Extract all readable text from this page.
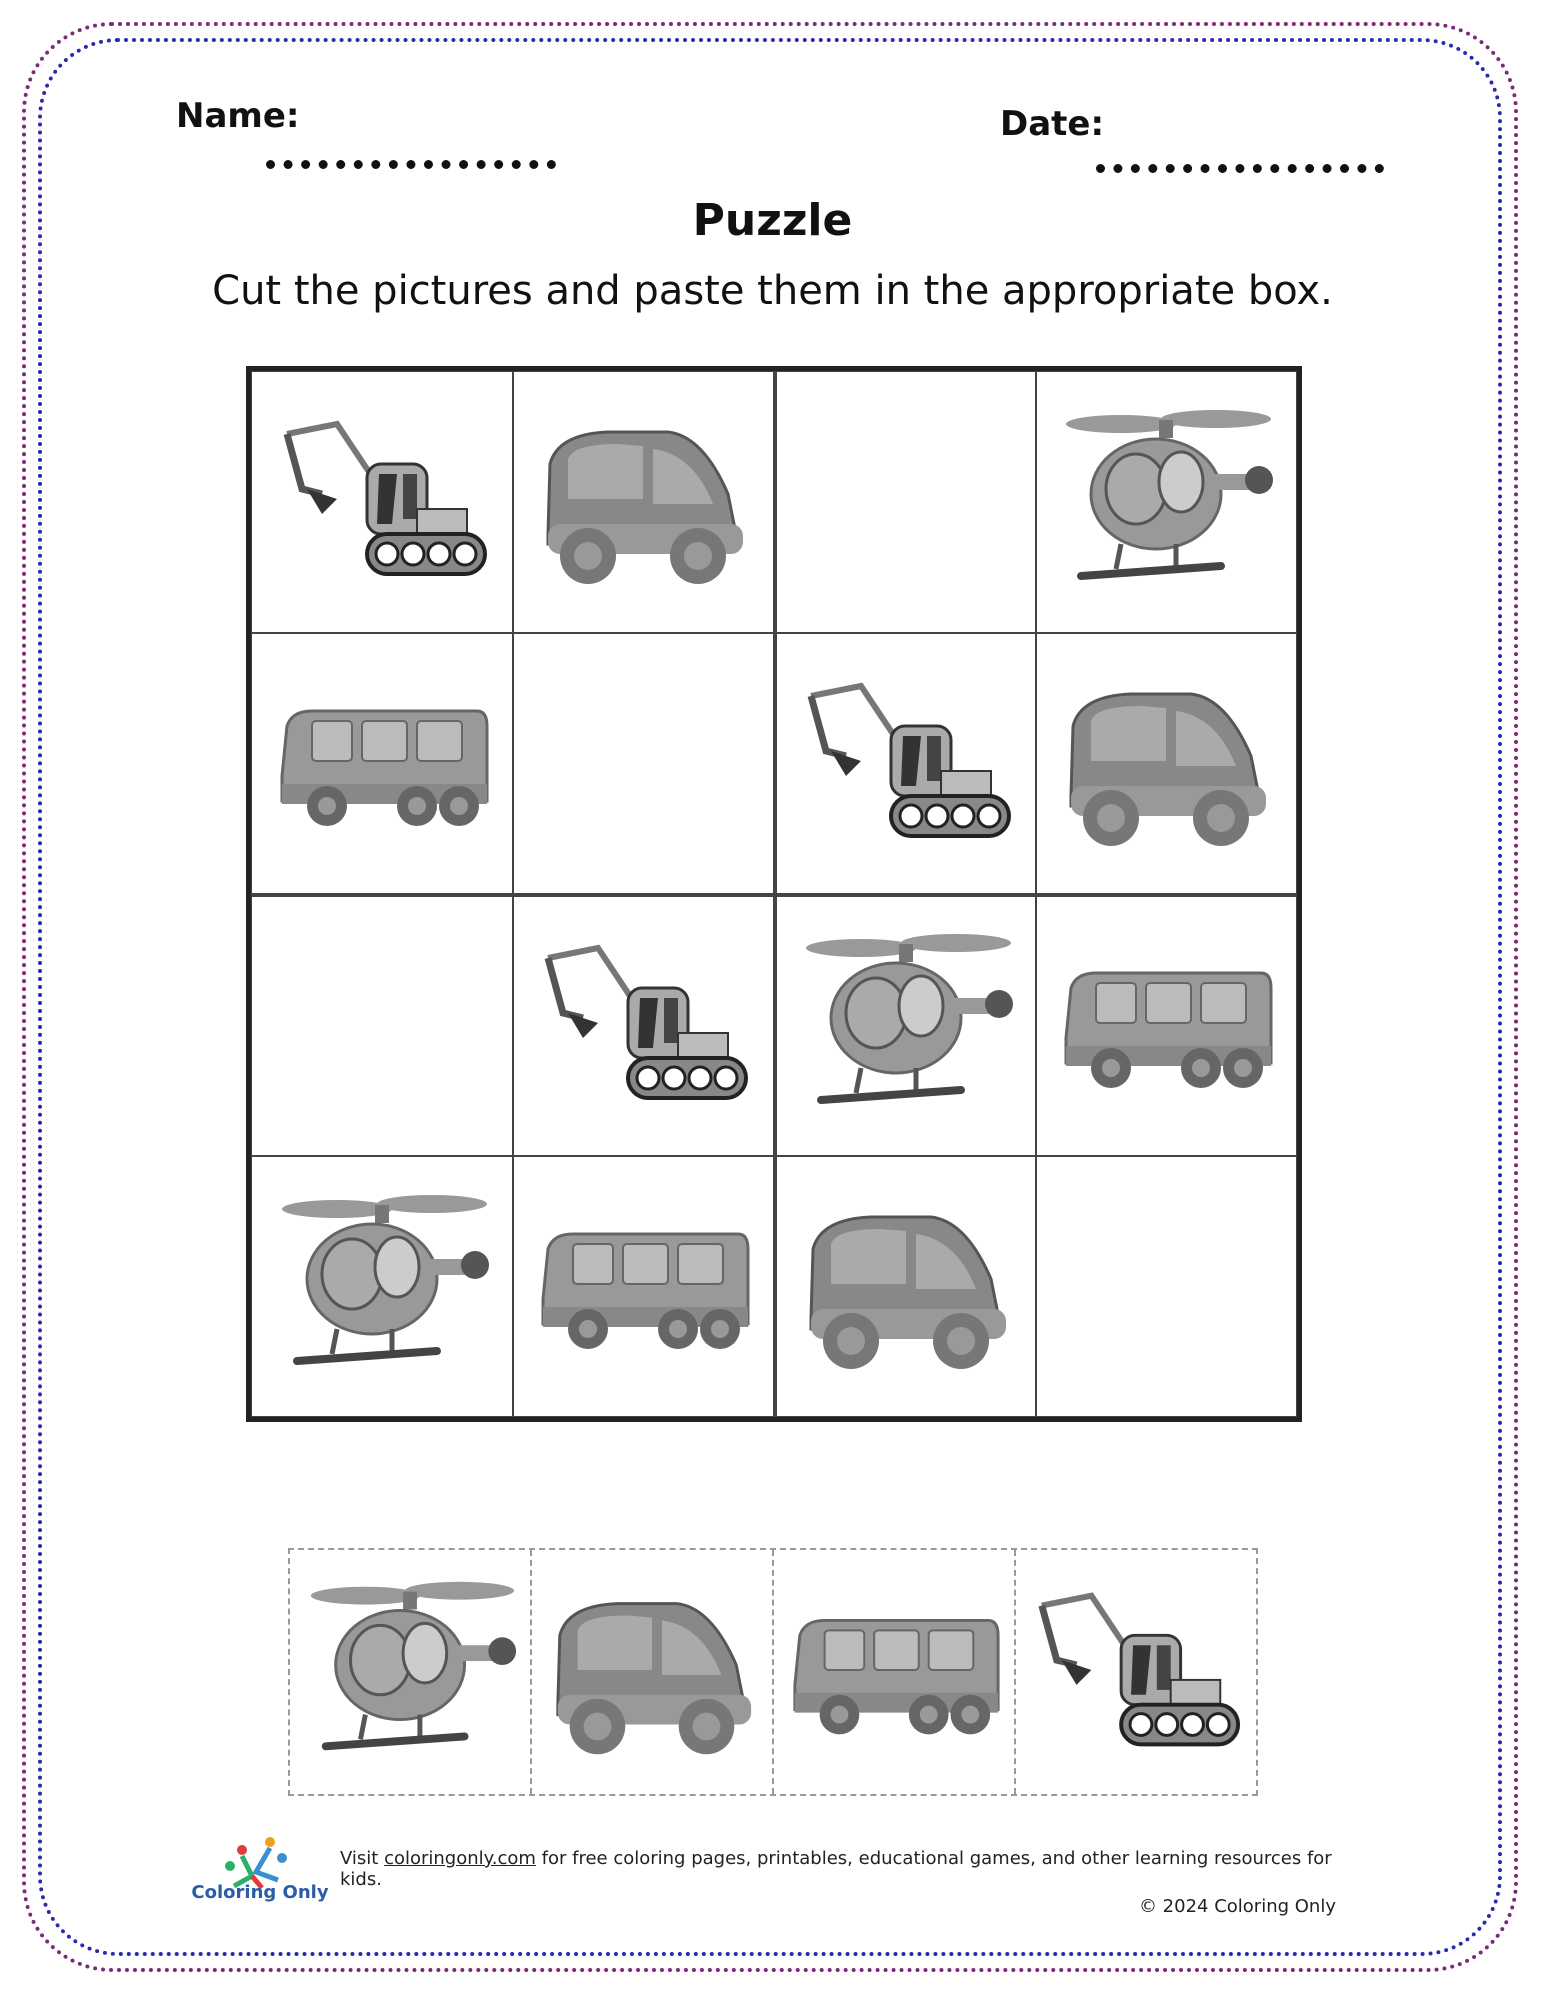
Name:	Date:
Puzzle
Cut the pictures and paste them in the appropriate box.
Coloring Only
Visit coloringonly.com for free coloring pages, printables, educational games, and other learning resources for kids.
© 2024 Coloring Only
